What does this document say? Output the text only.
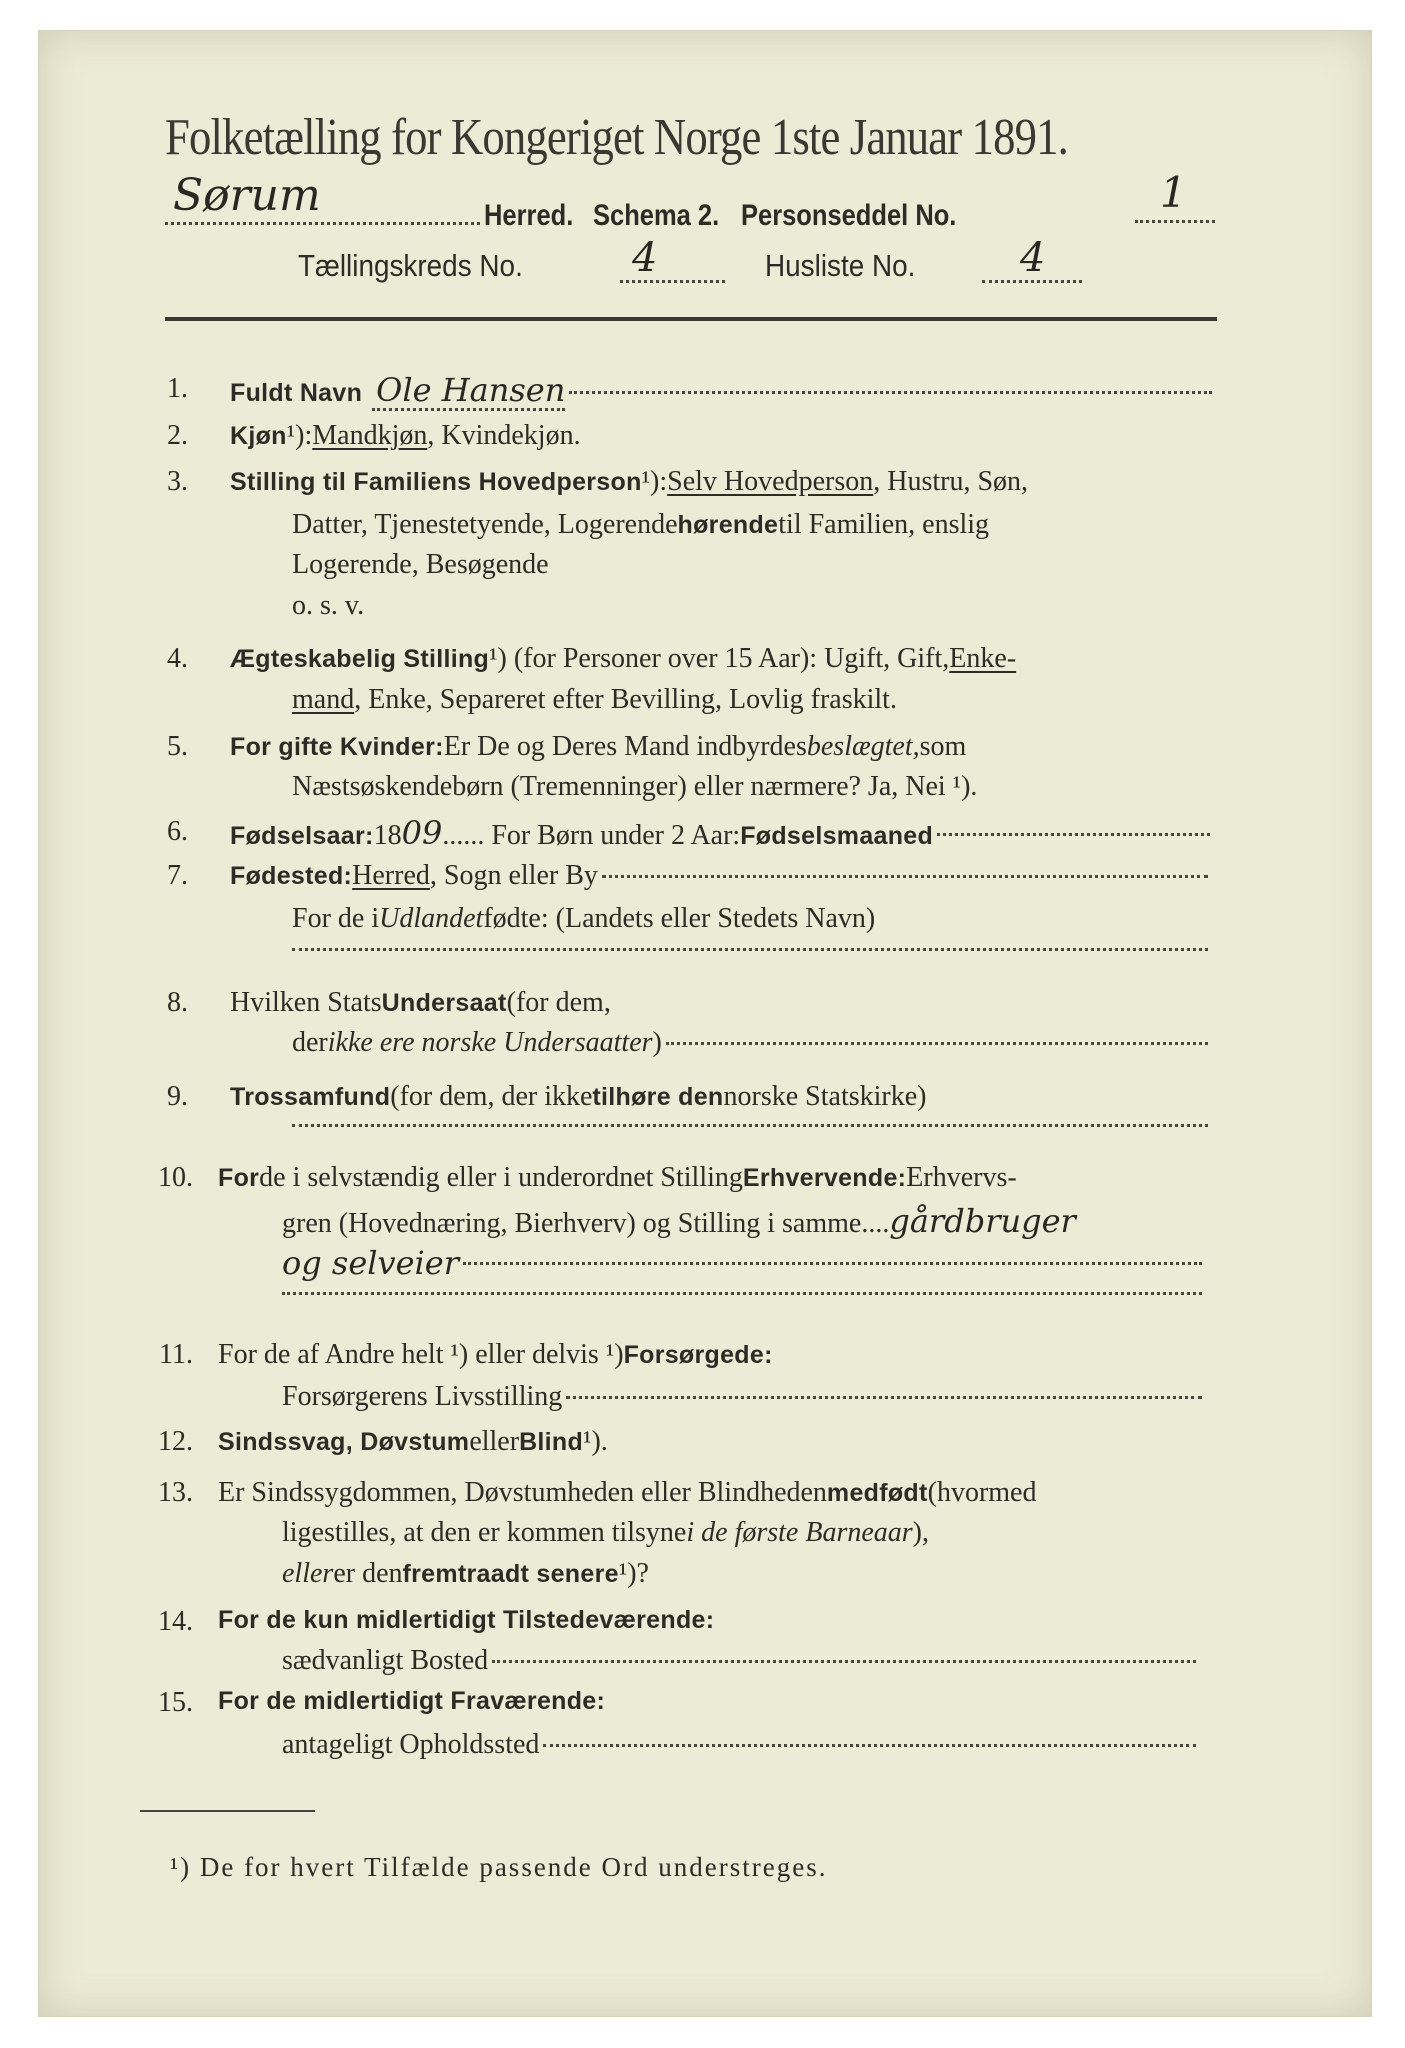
Folketælling for Kongeriget Norge 1ste Januar 1891.
Sørum	Herred. Schema 2. Personseddel No.	1
Tællingskreds No.	4	Husliste No.	4
1. Fuldt Navn Ole Hansen
2. Kjøn ¹): Mandkjøn , Kvindekjøn.
3. Stilling til Familiens Hovedperson ¹): Selv Hovedperson , Hustru, Søn,
Datter, Tjenestetyende, Logerende hørende til Familien, enslig
Logerende, Besøgende
o. s. v.
4. Ægteskabelig Stilling ¹) (for Personer over 15 Aar): Ugift, Gift, Enke-
mand , Enke, Separeret efter Bevilling, Lovlig fraskilt.
5. For gifte Kvinder: Er De og Deres Mand indbyrdes beslægtet, som
Næstsøskendebørn (Tremenninger) eller nærmere? Ja, Nei ¹).
6. Fødselsaar: 18 09 ...... For Børn under 2 Aar: Fødselsmaaned
7. Fødested: Herred , Sogn eller By
For de i Udlandet fødte: (Landets eller Stedets Navn)
8. Hvilken Stats Undersaat (for dem,
der ikke ere norske Undersaatter )
9. Trossamfund (for dem, der ikke tilhøre den norske Statskirke)
10. For de i selvstændig eller i underordnet Stilling Erhvervende: Erhvervs-
gren (Hovednæring, Bierhverv) og Stilling i samme.... gårdbruger
og selveier
11. For de af Andre helt ¹) eller delvis ¹) Forsørgede:
Forsørgerens Livsstilling
12. Sindssvag, Døvstum eller Blind ¹).
13. Er Sindssygdommen, Døvstumheden eller Blindheden medfødt (hvormed
ligestilles, at den er kommen tilsyne i de første Barneaar ),
eller er den fremtraadt senere ¹)?
14. For de kun midlertidigt Tilstedeværende:
sædvanligt Bosted
15. For de midlertidigt Fraværende:
antageligt Opholdssted
¹) De for hvert Tilfælde passende Ord understreges.
